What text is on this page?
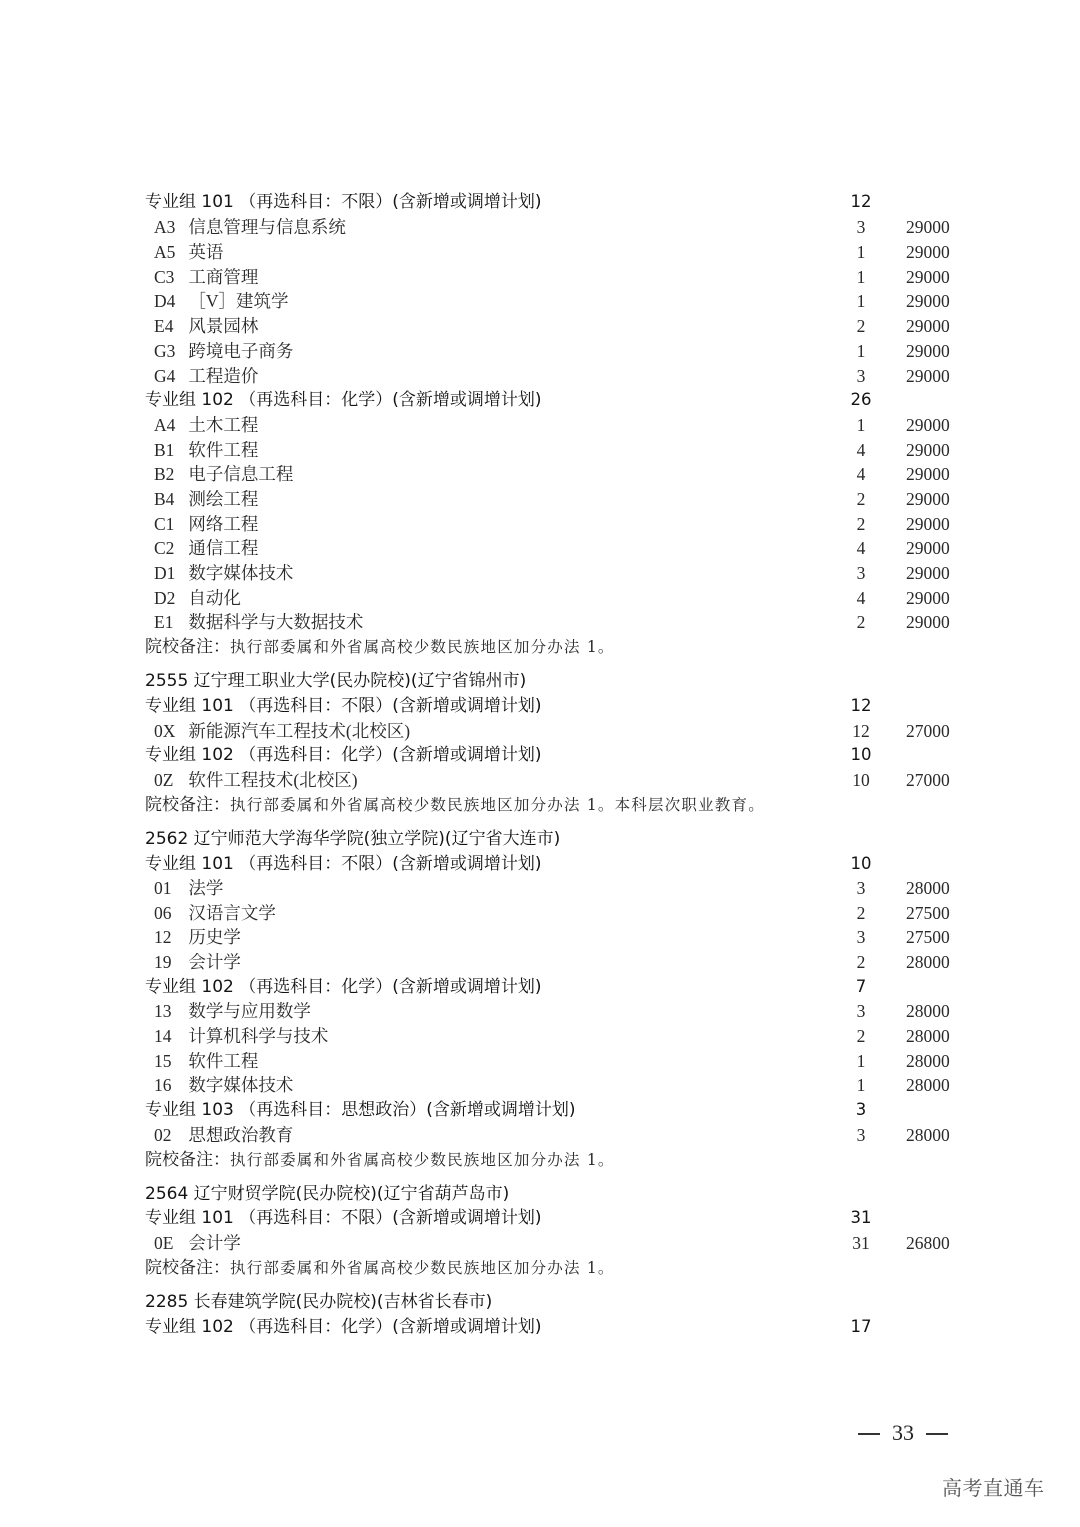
专业组 101 （再选科目：不限）(含新增或调增计划)	12
A3 信息管理与信息系统	3	29000
A5 英语	1	29000
C3 工商管理	1	29000
D4 ［V］建筑学	1	29000
E4 风景园林	2	29000
G3 跨境电子商务	1	29000
G4 工程造价	3	29000
专业组 102 （再选科目：化学）(含新增或调增计划)	26
A4 土木工程	1	29000
B1 软件工程	4	29000
B2 电子信息工程	4	29000
B4 测绘工程	2	29000
C1 网络工程	2	29000
C2 通信工程	4	29000
D1 数字媒体技术	3	29000
D2 自动化	4	29000
E1 数据科学与大数据技术	2	29000
院校备注：执行部委属和外省属高校少数民族地区加分办法 1。
2555 辽宁理工职业大学(民办院校)(辽宁省锦州市)
专业组 101 （再选科目：不限）(含新增或调增计划)	12
0X 新能源汽车工程技术(北校区)	12 27000
专业组 102 （再选科目：化学）(含新增或调增计划)	10
0Z 软件工程技术(北校区)	10 27000
院校备注：执行部委属和外省属高校少数民族地区加分办法 1。本科层次职业教育。
2562 辽宁师范大学海华学院(独立学院)(辽宁省大连市)
专业组 101 （再选科目：不限）(含新增或调增计划)	10
01 法学	3	28000
06 汉语言文学	2	27500
12 历史学	3	27500
19 会计学	2	28000
专业组 102 （再选科目：化学）(含新增或调增计划)	7
13 数学与应用数学	3	28000
14 计算机科学与技术	2	28000
15 软件工程	1	28000
16 数字媒体技术	1	28000
专业组 103 （再选科目：思想政治）(含新增或调增计划)	3
02 思想政治教育	3	28000
院校备注：执行部委属和外省属高校少数民族地区加分办法 1。
2564 辽宁财贸学院(民办院校)(辽宁省葫芦岛市)
专业组 101 （再选科目：不限）(含新增或调增计划)	31
0E 会计学	31 26800
院校备注：执行部委属和外省属高校少数民族地区加分办法 1。
2285 长春建筑学院(民办院校)(吉林省长春市)
专业组 102 （再选科目：化学）(含新增或调增计划)	17
33
高考直通车
